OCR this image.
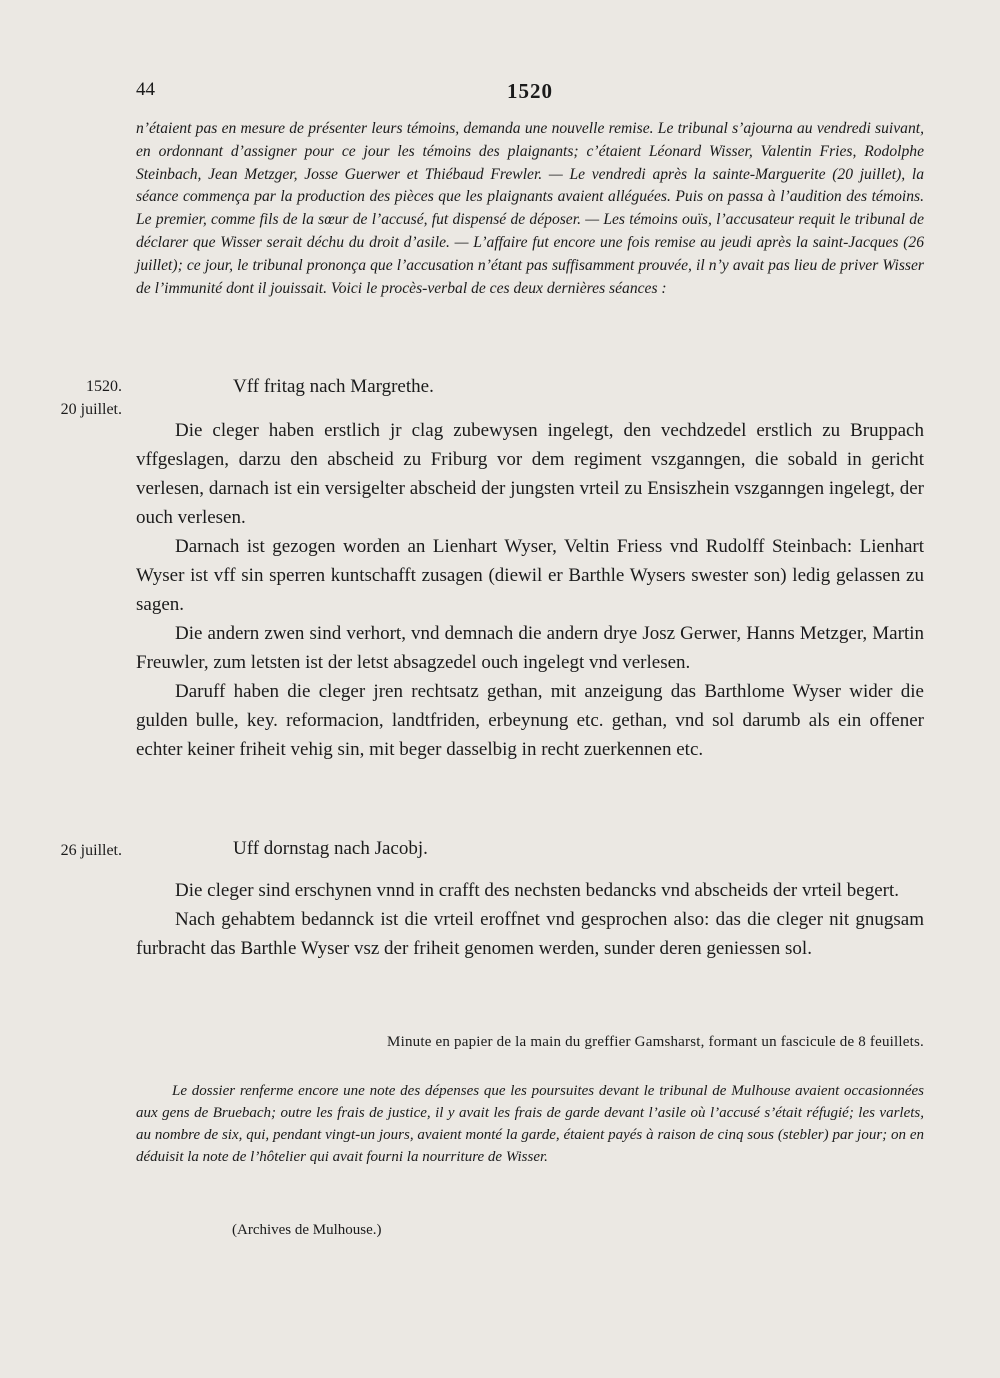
44	1520

n’étaient pas en mesure de présenter leurs témoins, demanda une nouvelle remise. Le tribunal s’ajourna au vendredi suivant, en ordonnant d’assigner pour ce jour les témoins des plaignants; c’étaient Léonard Wisser, Valentin Fries, Rodolphe Steinbach, Jean Metzger, Josse Guerwer et Thiébaud Frewler. — Le vendredi après la sainte-Marguerite (20 juillet), la séance commença par la production des pièces que les plaignants avaient alléguées. Puis on passa à l’audition des témoins. Le premier, comme fils de la sœur de l’accusé, fut dispensé de déposer. — Les témoins ouïs, l’accusateur requit le tribunal de déclarer que Wisser serait déchu du droit d’asile. — L’affaire fut encore une fois remise au jeudi après la saint-Jacques (26 juillet); ce jour, le tribunal prononça que l’accusation n’étant pas suffisamment prouvée, il n’y avait pas lieu de priver Wisser de l’immunité dont il jouissait. Voici le procès-verbal de ces deux dernières séances :

1520.
20 juillet.
Vff fritag nach Margrethe.

Die cleger haben erstlich jr clag zubewysen ingelegt, den vechdzedel erstlich zu Bruppach vffgeslagen, darzu den abscheid zu Friburg vor dem regiment vszganngen, die sobald in gericht verlesen, darnach ist ein versigelter abscheid der jungsten vrteil zu Ensiszhein vszganngen ingelegt, der ouch verlesen.

Darnach ist gezogen worden an Lienhart Wyser, Veltin Friess vnd Rudolff Steinbach: Lienhart Wyser ist vff sin sperren kuntschafft zusagen (diewil er Barthle Wysers swester son) ledig gelassen zu sagen.

Die andern zwen sind verhort, vnd demnach die andern drye Josz Gerwer, Hanns Metzger, Martin Freuwler, zum letsten ist der letst absagzedel ouch ingelegt vnd verlesen.

Daruff haben die cleger jren rechtsatz gethan, mit anzeigung das Barthlome Wyser wider die gulden bulle, key. reformacion, landtfriden, erbeynung etc. gethan, vnd sol darumb als ein offener echter keiner friheit vehig sin, mit beger dasselbig in recht zuerkennen etc.

26 juillet.	Uff dornstag nach Jacobj.

Die cleger sind erschynen vnnd in crafft des nechsten bedancks vnd abscheids der vrteil begert.

Nach gehabtem bedannck ist die vrteil eroffnet vnd gesprochen also: das die cleger nit gnugsam furbracht das Barthle Wyser vsz der friheit genomen werden, sunder deren geniessen sol.

Minute en papier de la main du greffier Gamsharst, formant un fascicule de 8 feuillets.

Le dossier renferme encore une note des dépenses que les poursuites devant le tribunal de Mulhouse avaient occasionnées aux gens de Bruebach; outre les frais de justice, il y avait les frais de garde devant l’asile où l’accusé s’était réfugié; les varlets, au nombre de six, qui, pendant vingt-un jours, avaient monté la garde, étaient payés à raison de cinq sous (stebler) par jour; on en déduisit la note de l’hôtelier qui avait fourni la nourriture de Wisser.

(Archives de Mulhouse.)
